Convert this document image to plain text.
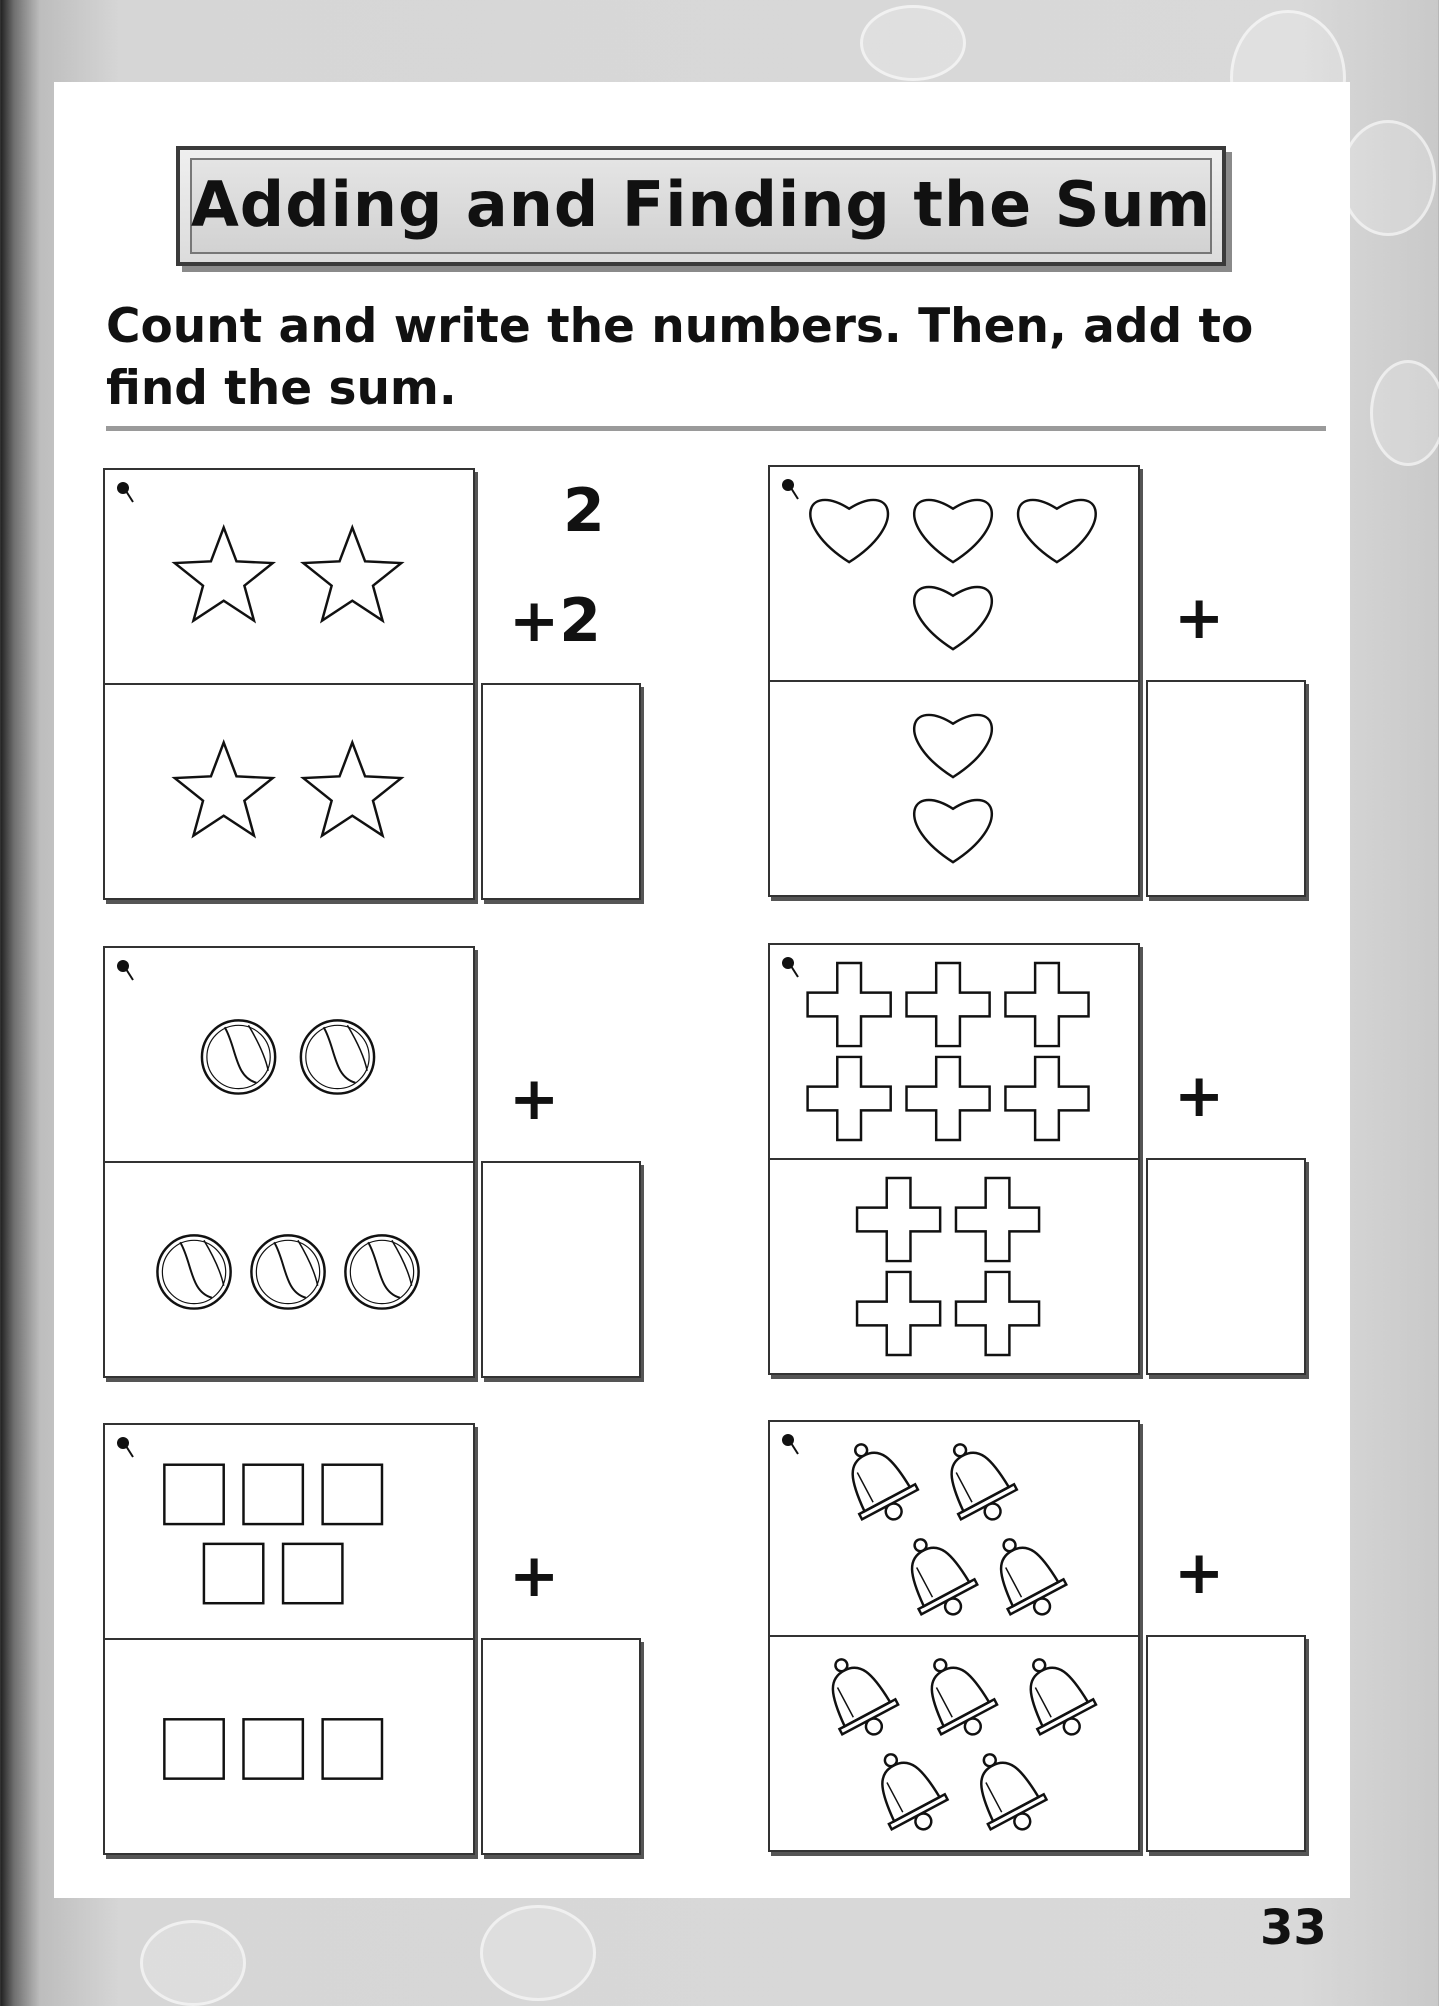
Adding and Finding the Sum
Count and write the numbers. Then, add to find the sum.
2
+2	+
+	+
+	+
33
